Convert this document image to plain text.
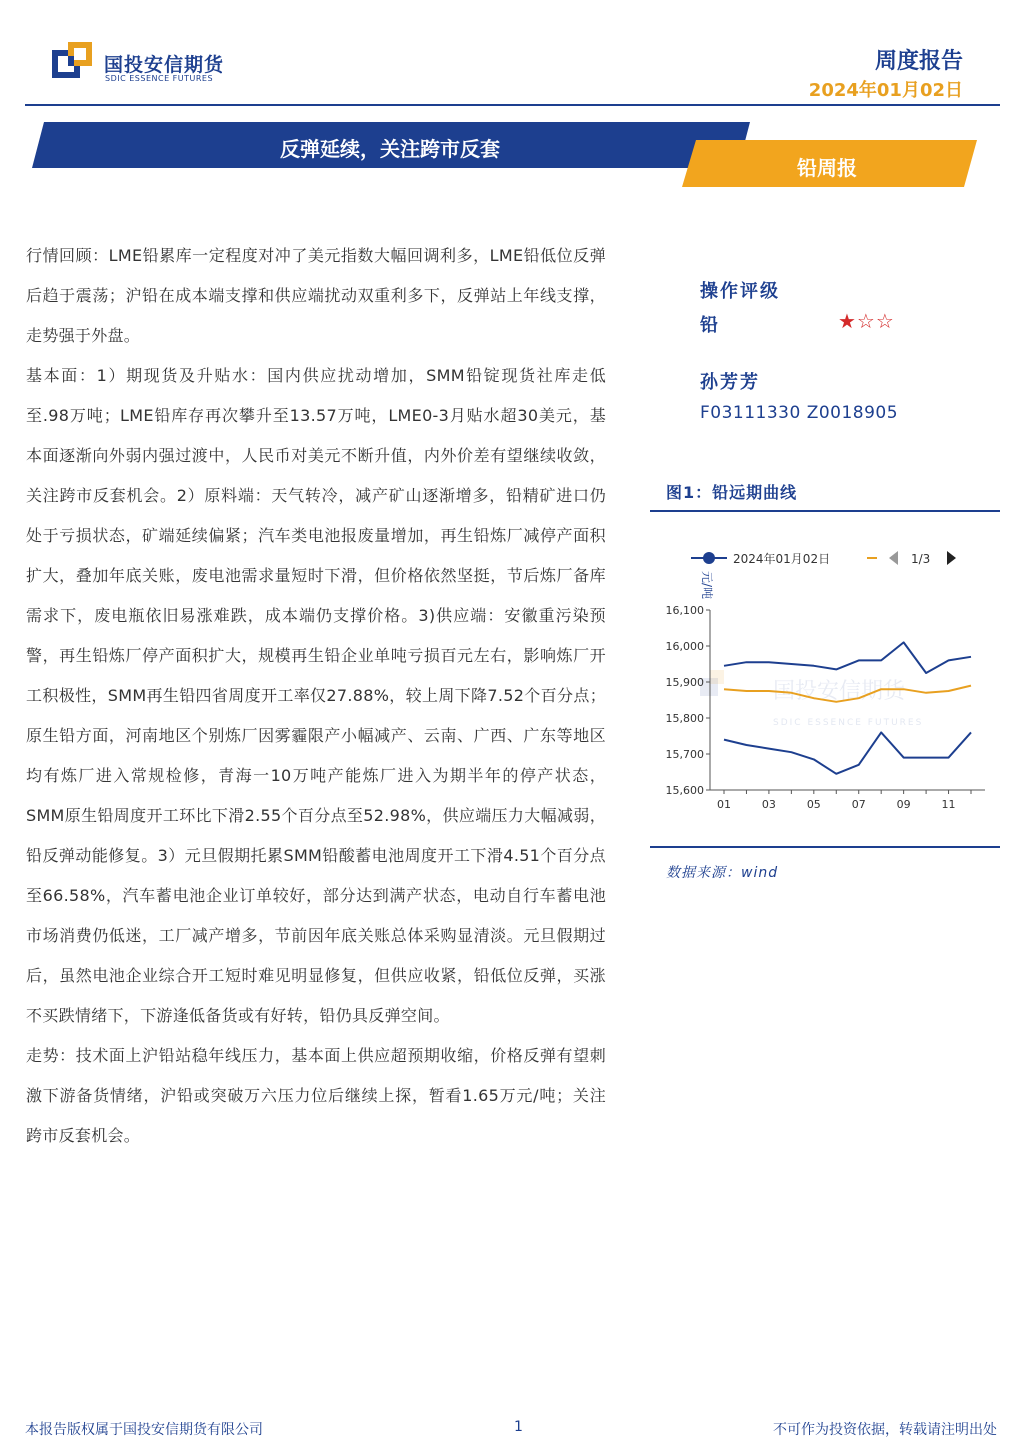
国投安信期货
SDIC ESSENCE FUTURES
周度报告
2024年01月02日
反弹延续，关注跨市反套
铅周报

行情回顾：LME铅累库一定程度对冲了美元指数大幅回调利多，LME铅低位反弹后趋于震荡；沪铅在成本端支撑和供应端扰动双重利多下，反弹站上年线支撑，走势强于外盘。

基本面：1）期现货及升贴水：国内供应扰动增加，SMM铅锭现货社库走低至.98万吨；LME铅库存再次攀升至13.57万吨，LME0-3月贴水超30美元，基本面逐渐向外弱内强过渡中，人民币对美元不断升值，内外价差有望继续收敛，关注跨市反套机会。2）原料端：天气转冷，减产矿山逐渐增多，铅精矿进口仍处于亏损状态，矿端延续偏紧；汽车类电池报废量增加，再生铅炼厂减停产面积扩大，叠加年底关账，废电池需求量短时下滑，但价格依然坚挺，节后炼厂备库需求下，废电瓶依旧易涨难跌，成本端仍支撑价格。3)供应端：安徽重污染预警，再生铅炼厂停产面积扩大，规模再生铅企业单吨亏损百元左右，影响炼厂开工积极性，SMM再生铅四省周度开工率仅27.88%，较上周下降7.52个百分点；原生铅方面，河南地区个别炼厂因雾霾限产小幅减产、云南、广西、广东等地区均有炼厂进入常规检修，青海一10万吨产能炼厂进入为期半年的停产状态，SMM原生铅周度开工环比下滑2.55个百分点至52.98%，供应端压力大幅减弱，铅反弹动能修复。3）元旦假期托累SMM铅酸蓄电池周度开工下滑4.51个百分点至66.58%，汽车蓄电池企业订单较好，部分达到满产状态，电动自行车蓄电池市场消费仍低迷，工厂减产增多，节前因年底关账总体采购显清淡。元旦假期过后，虽然电池企业综合开工短时难见明显修复，但供应收紧，铅低位反弹，买涨不买跌情绪下，下游逢低备货或有好转，铅仍具反弹空间。

走势：技术面上沪铅站稳年线压力，基本面上供应超预期收缩，价格反弹有望刺激下游备货情绪，沪铅或突破万六压力位后继续上探，暂看1.65万元/吨；关注跨市反套机会。

操作评级
铅	★☆☆
孙芳芳
F03111330 Z0018905
图1：铅远期曲线
国投安信期货
SDIC ESSENCE FUTURES
2024年01月02日	1/3
元/吨
15,600
15,700
15,800
15,900
16,000
16,100
01	03	05	07	09	11
数据来源：wind
本报告版权属于国投安信期货有限公司	1	不可作为投资依据，转载请注明出处
